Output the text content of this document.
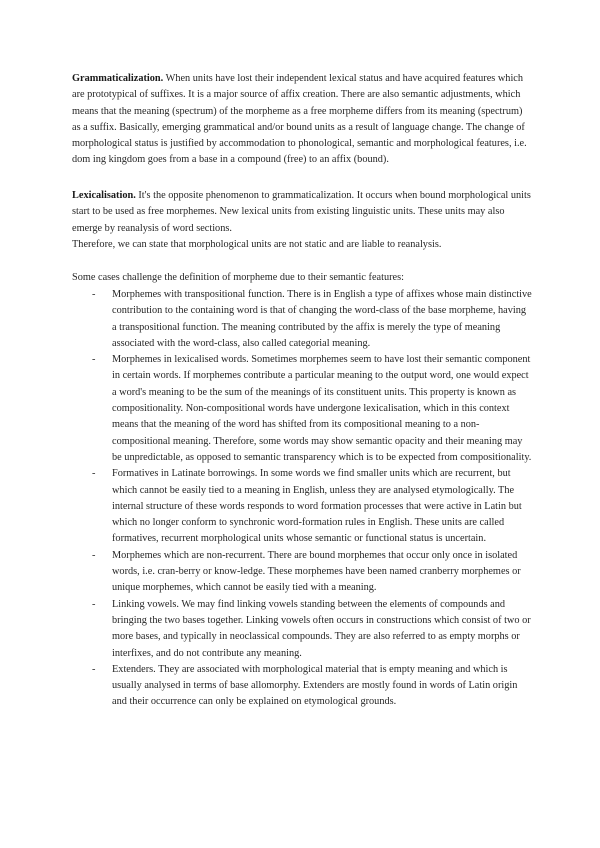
Grammaticalization. When units have lost their independent lexical status and have acquired features which are prototypical of suffixes. It is a major source of affix creation. There are also semantic adjustments, which means that the meaning (spectrum) of the morpheme as a free morpheme differs from its meaning (spectrum) as a suffix. Basically, emerging grammatical and/or bound units as a result of language change. The change of morphological status is justified by accommodation to phonological, semantic and morphological features, i.e. dom ing kingdom goes from a base in a compound (free) to an affix (bound).

Lexicalisation. It's the opposite phenomenon to grammaticalization. It occurs when bound morphological units start to be used as free morphemes. New lexical units from existing linguistic units. These units may also emerge by reanalysis of word sections.

Therefore, we can state that morphological units are not static and are liable to reanalysis.

Some cases challenge the definition of morpheme due to their semantic features:

- Morphemes with transpositional function. There is in English a type of affixes whose main distinctive contribution to the containing word is that of changing the word-class of the base morpheme, having a transpositional function. The meaning contributed by the affix is merely the type of meaning associated with the word-class, also called categorial meaning.
- Morphemes in lexicalised words. Sometimes morphemes seem to have lost their semantic component in certain words. If morphemes contribute a particular meaning to the output word, one would expect a word's meaning to be the sum of the meanings of its constituent units. This property is known as compositionality. Non-compositional words have undergone lexicalisation, which in this context means that the meaning of the word has shifted from its compositional meaning to a non-compositional meaning. Therefore, some words may show semantic opacity and their meaning may be unpredictable, as opposed to semantic transparency which is to be expected from compositionality.
- Formatives in Latinate borrowings. In some words we find smaller units which are recurrent, but which cannot be easily tied to a meaning in English, unless they are analysed etymologically. The internal structure of these words responds to word formation processes that were active in Latin but which no longer conform to synchronic word-formation rules in English. These units are called formatives, recurrent morphological units whose semantic or functional status is uncertain.
- Morphemes which are non-recurrent. There are bound morphemes that occur only once in isolated words, i.e. cran-berry or know-ledge. These morphemes have been named cranberry morphemes or unique morphemes, which cannot be easily tied with a meaning.
- Linking vowels. We may find linking vowels standing between the elements of compounds and bringing the two bases together. Linking vowels often occurs in constructions which consist of two or more bases, and typically in neoclassical compounds. They are also referred to as empty morphs or interfixes, and do not contribute any meaning.
- Extenders. They are associated with morphological material that is empty meaning and which is usually analysed in terms of base allomorphy. Extenders are mostly found in words of Latin origin and their occurrence can only be explained on etymological grounds.
